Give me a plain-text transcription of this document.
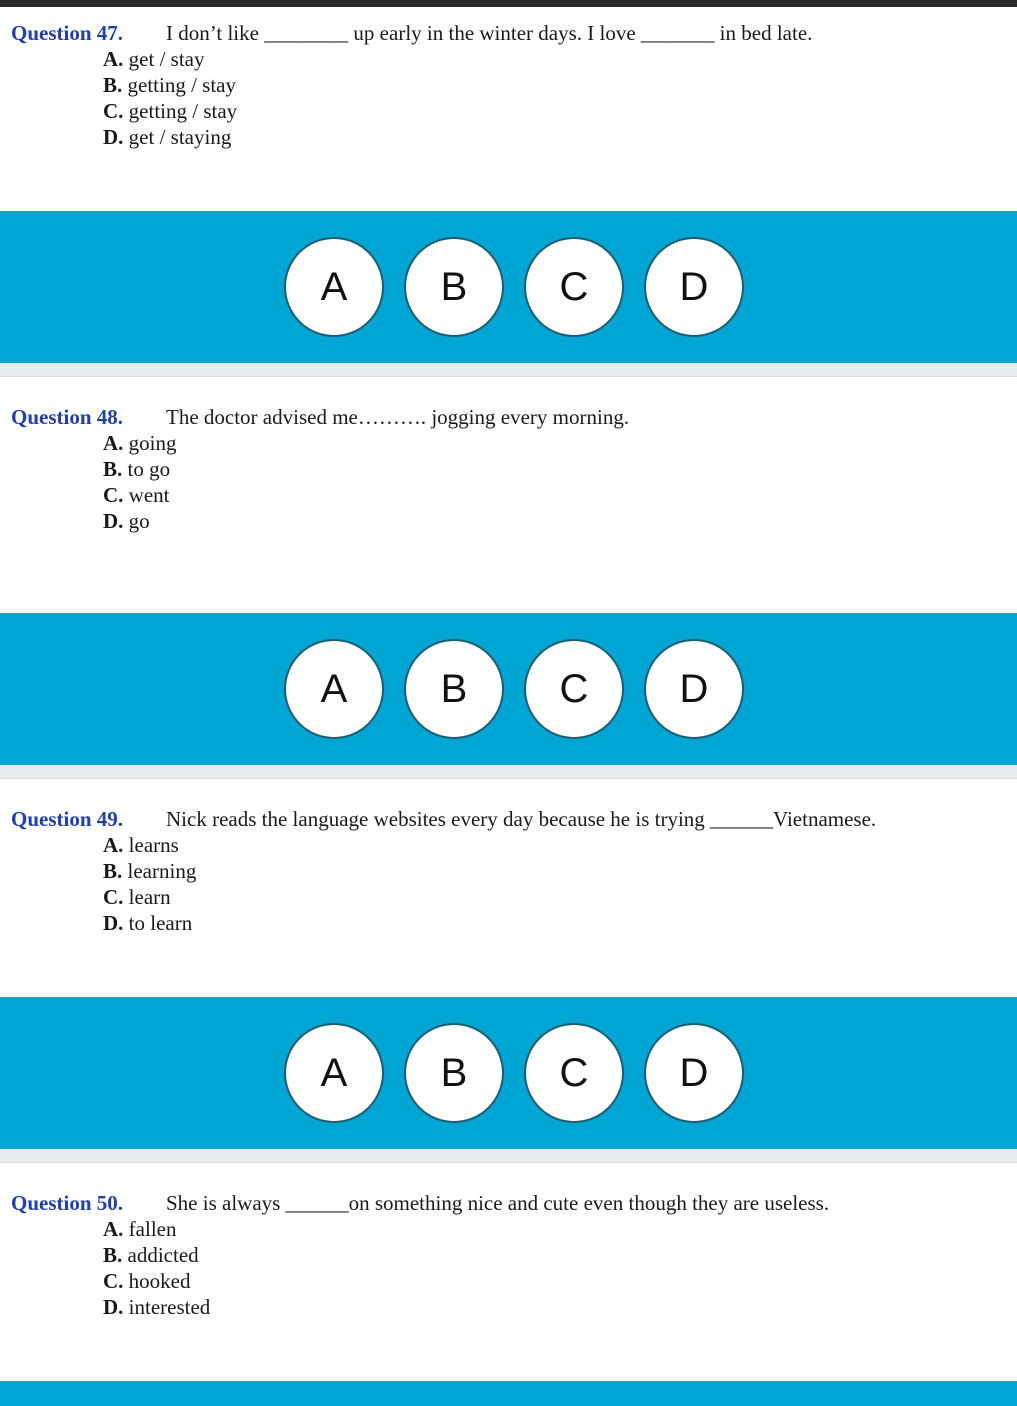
Question 47. I don’t like ________ up early in the winter days. I love _______ in bed late.
A. get / stay
B. getting / stay
C. getting / stay
D. get / staying
A	B	C	D
Question 48. The doctor advised me………. jogging every morning.
A. going
B. to go
C. went
D. go
A	B	C	D
Question 49. Nick reads the language websites every day because he is trying ______Vietnamese.
A. learns
B. learning
C. learn
D. to learn
A	B	C	D
Question 50. She is always ______on something nice and cute even though they are useless.
A. fallen
B. addicted
C. hooked
D. interested
